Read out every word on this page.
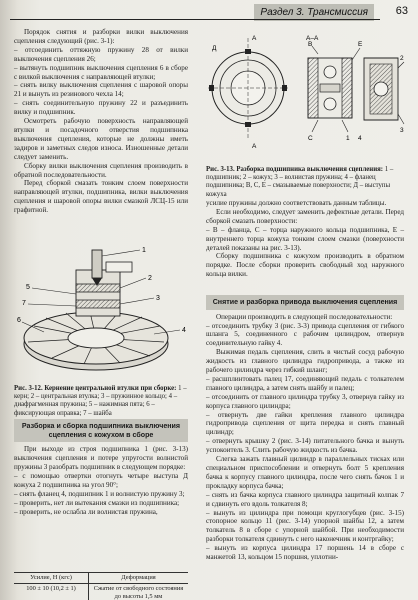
Раздел 3. Трансмиссия	63

Порядок снятия и разборки вилки выключения сцепления следующий (рис. 3-1):

– отсоединить оттяжную пружину 28 от вилки выключения сцепления 26;

– вытянуть подшипник выключения сцепления 6 в сборе с вилкой выключения с направляющей втулки;

– снять вилку выключения сцепления с шаровой опоры 21 и вынуть из резинового чехла 14;

– снять соединительную пружину 22 и разъединить вилку и подшипник.

Осмотреть рабочую поверхность направляющей втулки и посадочного отверстия подшипника выключения сцепления, которые не должны иметь задиров и заметных следов износа. Изношенные детали следует заменить.

Сборку вилки выключения сцепления производить в обратной последовательности.

Перед сборкой смазать тонким слоем поверхности направляющей втулки, подшипника, вилки выключения сцепления и шаровой опоры вилки смазкой ЛСЦ-15 или графитной.

1
2
3
5
7
6
4
Рис. 3-12. Кернение центральной втулки при сборке: 1 – керн; 2 – центральная втулка; 3 – пружинное кольцо; 4 – диафрагменная пружина; 5 – нажимная пята; 6 – фиксирующая оправка; 7 – шайба
Разборка и сборка подшипника выключения сцепления с кожухом в сборе

При выходе из строя подшипника 1 (рис. 3-13) выключения сцепления и потере упругости волнистой пружины 3 разобрать подшипник в следующем порядке:

– с помощью отвертки отогнуть четыре выступа Д кожуха 2 подшипника на угол 90°;

– снять фланец 4, подшипник 1 и волнистую пружину 3;

– проверить, нет ли вытекания смазки из подшипника;

– проверить, не ослабла ли волнистая пружина,

Усилие, Н (кгс)	Деформация
100 ± 10 (10,2 ± 1)	Сжатие от свободного состояния до высоты 1,5 мм
А
А
Д
А–А
В	Е
С	1
2
3
4
Рис. 3-13. Разборка подшипника выключения сцепления: 1 – подшипник; 2 – кожух; 3 – волнистая пружина; 4 – фланец подшипника; В, С, Е – смазываемые поверхности; Д – выступы кожуха

усилие пружины должно соответствовать данным таблицы.

Если необходимо, следует заменить дефектные детали. Перед сборкой смазать поверхности:

– В – фланца, С – торца наружного кольца подшипника, Е – внутреннего торца кожуха тонким слоем смазки (поверхности деталей показаны на рис. 3-13).

Сборку подшипника с кожухом производить в обратном порядке. После сборки проверить свободный ход наружного кольца вилки.

Снятие и разборка привода выключения сцепления

Операции производить в следующей последовательности:

– отсоединить трубку 3 (рис. 3-3) привода сцепления от гибкого шланга 5, соединенного с рабочим цилиндром, отвернув соединительную гайку 4.

Выжимая педаль сцепления, слить в чистый сосуд рабочую жидкость из главного цилиндра гидропривода, а также из рабочего цилиндра через гибкий шланг;

– расшплинтовать палец 17, соединяющий педаль с толкателем главного цилиндра, а затем снять шайбу и палец;

– отсоединить от главного цилиндра трубку 3, отвернув гайку из корпуса главного цилиндра;

– отвернуть две гайки крепления главного цилиндра гидропривода сцепления от щита передка и снять главный цилиндр;

– отвернуть крышку 2 (рис. 3-14) питательного бачка и вынуть успокоитель 3. Слить рабочую жидкость из бачка.

Слегка зажать главный цилиндр в параллельных тисках или специальном приспособлении и отвернуть болт 5 крепления бачка к корпусу главного цилиндра, после чего снять бачок 1 и прокладку корпуса бачка;

– снять из бачка корпуса главного цилиндра защитный колпак 7 и сдвинуть его вдоль толкателя 8;

– вынуть из цилиндра при помощи круглогубцев (рис. 3-15) стопорное кольцо 11 (рис. 3-14) упорной шайбы 12, а затем толкатель 8 в сборе с упорной шайбой. При необходимости разборки толкателя сдвинуть с него наконечник и контргайку;

– вынуть из корпуса цилиндра 17 поршень 14 в сборе с манжетой 13, кольцом 15 поршня, уплотни-
